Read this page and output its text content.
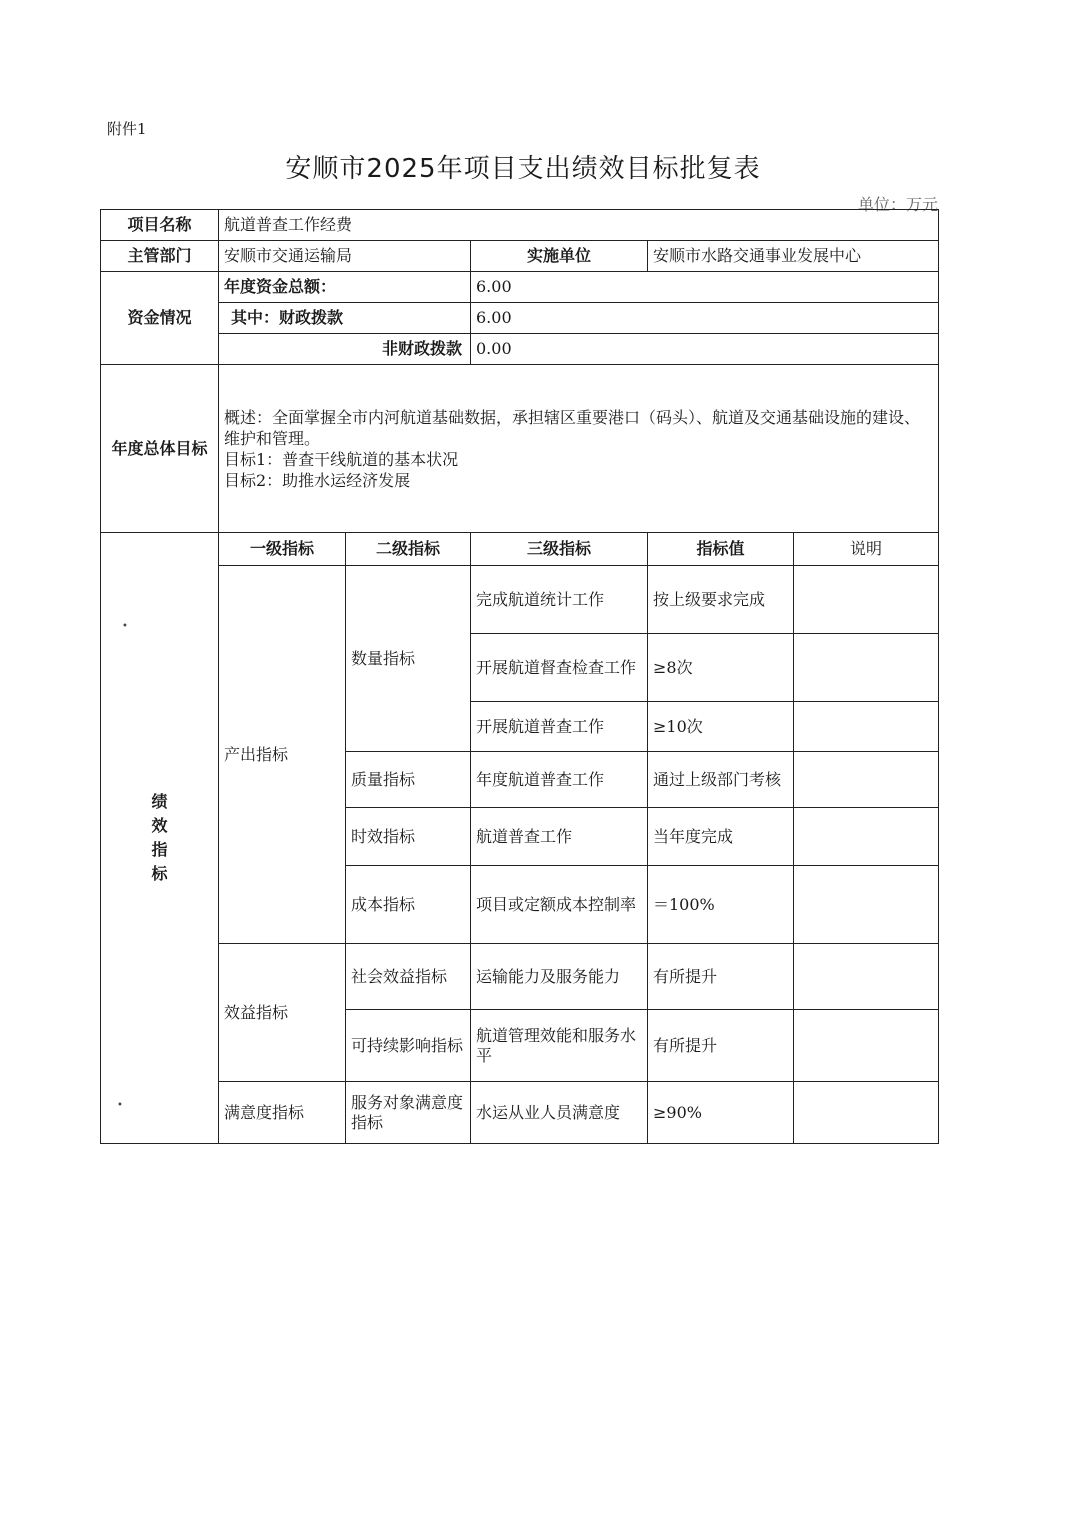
附件1
安顺市2025年项目支出绩效目标批复表
单位：万元
•
•
项目名称	航道普查工作经费				
主管部门	安顺市交通运输局		实施单位	安顺市水路交通事业发展中心	
资金情况	年度资金总额：		6.00		
	其中：财政拨款		6.00		
	非财政拨款		0.00		
年度总体目标	概述：全面掌握全市内河航道基础数据，承担辖区重要港口（码头）、航道及交通基础设施的建设、维护和管理。
目标1：普查干线航道的基本状况
目标2：助推水运经济发展				

绩
效
指
标	一级指标	二级指标	三级指标	指标值	说明
	产出指标	数量指标	完成航道统计工作	按上级要求完成	
			开展航道督查检查工作	≥8次	
			开展航道普查工作	≥10次	
		质量指标	年度航道普查工作	通过上级部门考核	
		时效指标	航道普查工作	当年度完成	
		成本指标	项目或定额成本控制率	＝100%	
	效益指标	社会效益指标	运输能力及服务能力	有所提升	
		可持续影响指标	航道管理效能和服务水平	有所提升	
	满意度指标	服务对象满意度指标	水运从业人员满意度	≥90%	
